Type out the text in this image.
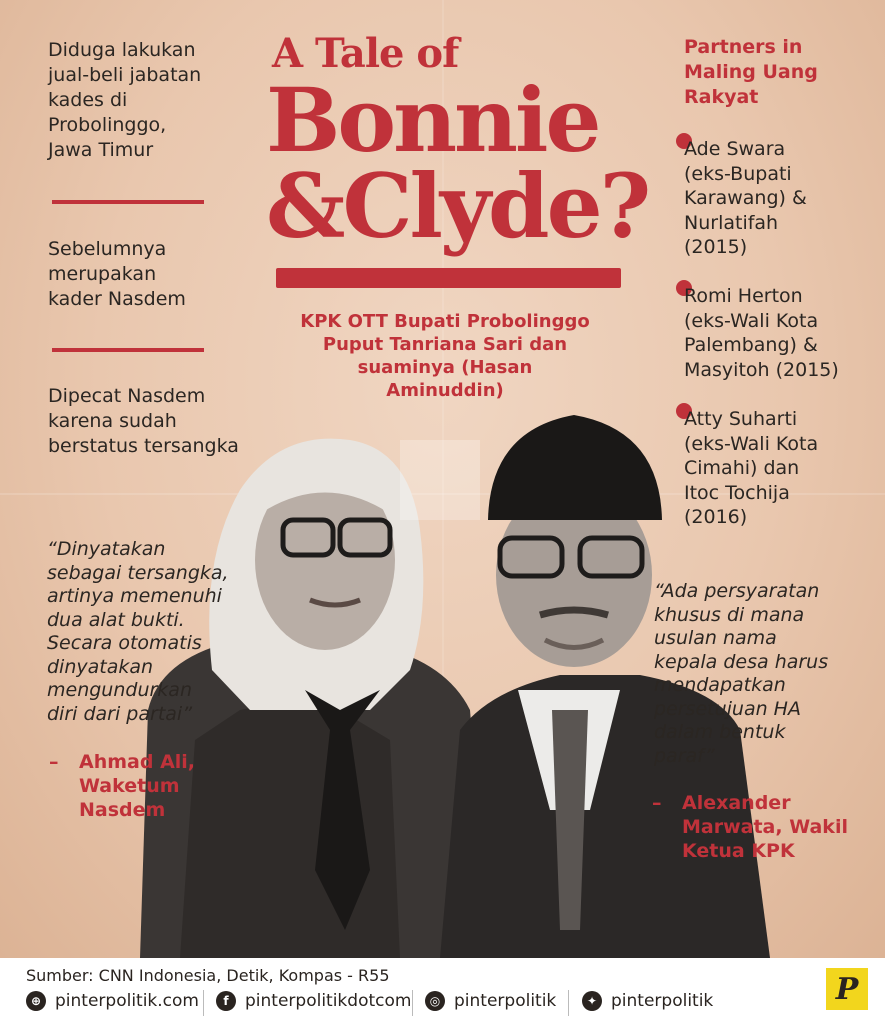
Diduga lakukan

jual-beli jabatan

kades di

Probolinggo,

Jawa Timur

Sebelumnya

merupakan

kader Nasdem

Dipecat Nasdem

karena sudah

berstatus tersangka

A Tale of
Bonnie
&Clyde?
KPK OTT Bupati Probolinggo
Puput Tanriana Sari dan
suaminya (Hasan
Aminuddin)
Partners in
Maling Uang
Rakyat
Ade Swara
(eks-Bupati
Karawang) &
Nurlatifah
(2015)
Romi Herton
(eks-Wali Kota
Palembang) &
Masyitoh (2015)
Atty Suharti
(eks-Wali Kota
Cimahi) dan
Itoc Tochija
(2016)
“Dinyatakan
sebagai tersangka,
artinya memenuhi
dua alat bukti.
Secara otomatis
dinyatakan
mengundurkan
diri dari partai”
– Ahmad Ali,
Waketum
Nasdem
“Ada persyaratan
khusus di mana
usulan nama
kepala desa harus
mendapatkan
persetujuan HA
dalam bentuk
paraf”
– Alexander
Marwata, Wakil
Ketua KPK
Sumber: CNN Indonesia, Detik, Kompas - R55
⊕ pinterpolitik.com	f pinterpolitikdotcom	◎ pinterpolitik	✦ pinterpolitik	P
